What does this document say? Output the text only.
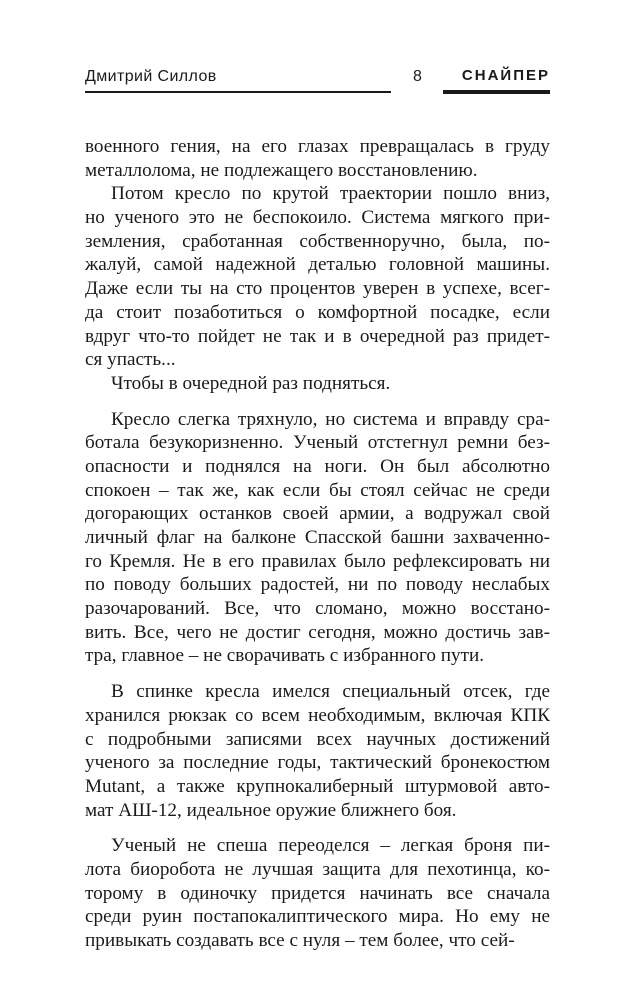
Дмитрий Силлов	8	СНАЙПЕР
военного гения, на его глазах превращалась в груду
металлолома, не подлежащего восстановлению.
Потом кресло по крутой траектории пошло вниз,
но ученого это не беспокоило. Система мягкого при-
земления, сработанная собственноручно, была, по-
жалуй, самой надежной деталью головной машины.
Даже если ты на сто процентов уверен в успехе, всег-
да стоит позаботиться о комфортной посадке, если
вдруг что-то пойдет не так и в очередной раз придет-
ся упасть...
Чтобы в очередной раз подняться.
Кресло слегка тряхнуло, но система и вправду сра-
ботала безукоризненно. Ученый отстегнул ремни без-
опасности и поднялся на ноги. Он был абсолютно
спокоен – так же, как если бы стоял сейчас не среди
догорающих останков своей армии, а водружал свой
личный флаг на балконе Спасской башни захваченно-
го Кремля. Не в его правилах было рефлексировать ни
по поводу больших радостей, ни по поводу неслабых
разочарований. Все, что сломано, можно восстано-
вить. Все, чего не достиг сегодня, можно достичь зав-
тра, главное – не сворачивать с избранного пути.
В спинке кресла имелся специальный отсек, где
хранился рюкзак со всем необходимым, включая КПК
с подробными записями всех научных достижений
ученого за последние годы, тактический бронекостюм
Mutant, а также крупнокалиберный штурмовой авто-
мат АШ-12, идеальное оружие ближнего боя.
Ученый не спеша переоделся – легкая броня пи-
лота биоробота не лучшая защита для пехотинца, ко-
торому в одиночку придется начинать все сначала
среди руин постапокалиптического мира. Но ему не
привыкать создавать все с нуля – тем более, что сей-
